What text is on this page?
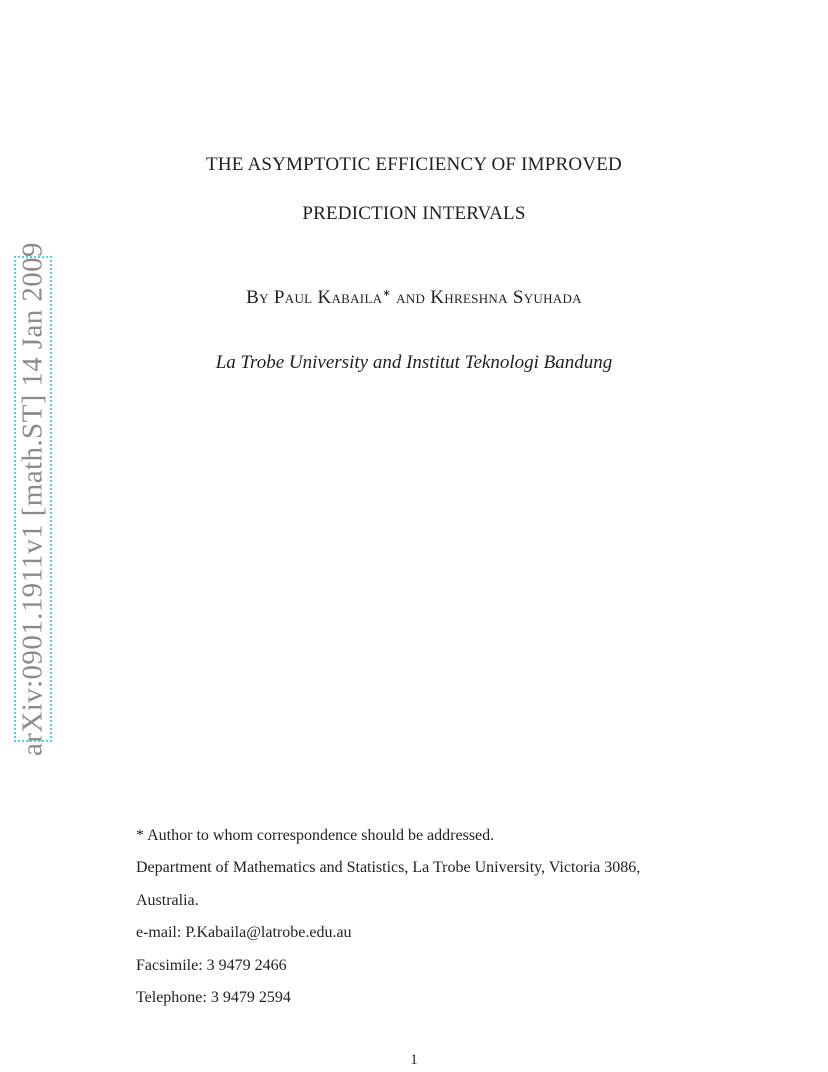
arXiv:0901.1911v1 [math.ST] 14 Jan 2009
THE ASYMPTOTIC EFFICIENCY OF IMPROVED
PREDICTION INTERVALS
By Paul Kabaila∗ and Khreshna Syuhada
La Trobe University and Institut Teknologi Bandung
* Author to whom correspondence should be addressed.
Department of Mathematics and Statistics, La Trobe University, Victoria 3086,
Australia.
e-mail: P.Kabaila@latrobe.edu.au
Facsimile: 3 9479 2466
Telephone: 3 9479 2594
1
